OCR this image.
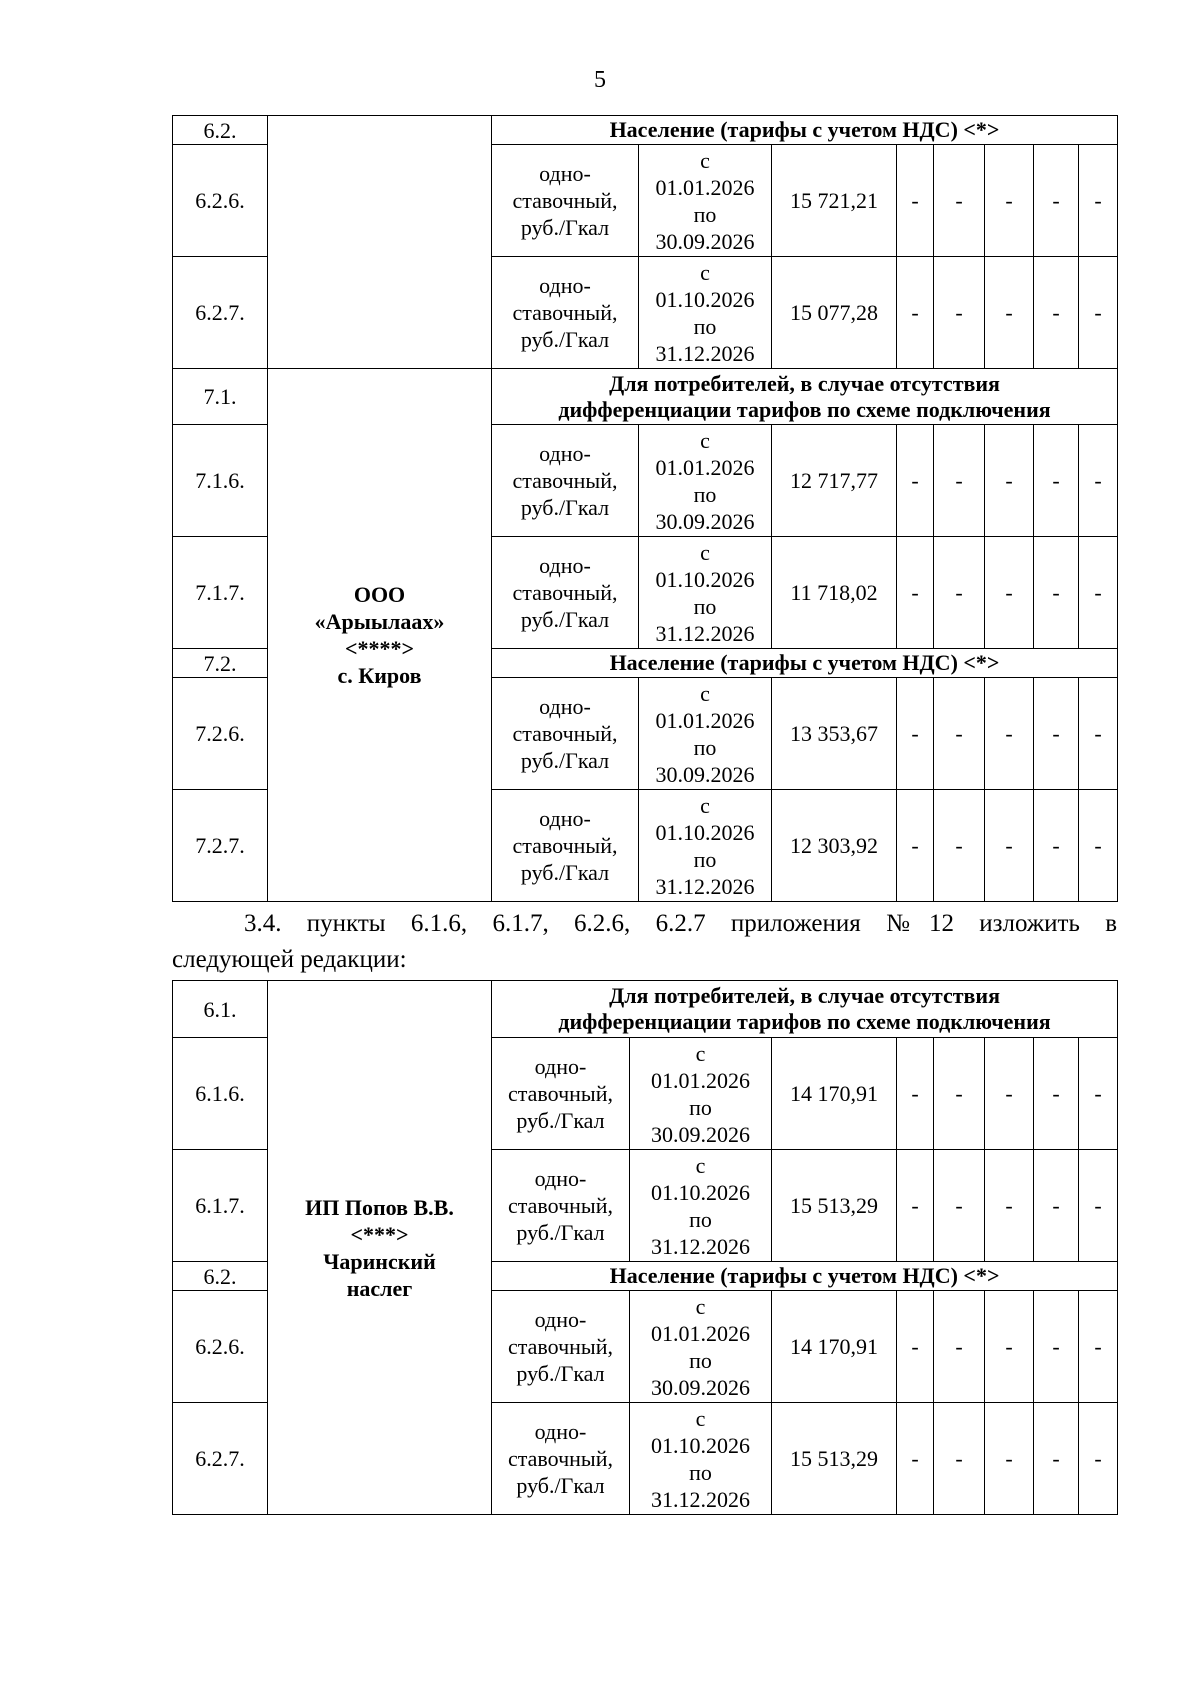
5
6.2.		Население (тарифы с учетом НДС) <*>							
6.2.6.		одно-
ставочный,
руб./Гкал	с
01.01.2026
по
30.09.2026	15 721,21	-	-	-	-	-
6.2.7.		одно-
ставочный,
руб./Гкал	с
01.10.2026
по
31.12.2026	15 077,28	-	-	-	-	-
7.1.	ООО
«Арыылаах»
<****>
с. Киров	Для потребителей, в случае отсутствия
дифференциации тарифов по схеме подключения							
7.1.6.		одно-
ставочный,
руб./Гкал	с
01.01.2026
по
30.09.2026	12 717,77	-	-	-	-	-
7.1.7.		одно-
ставочный,
руб./Гкал	с
01.10.2026
по
31.12.2026	11 718,02	-	-	-	-	-
7.2.		Население (тарифы с учетом НДС) <*>							
7.2.6.		одно-
ставочный,
руб./Гкал	с
01.01.2026
по
30.09.2026	13 353,67	-	-	-	-	-
7.2.7.		одно-
ставочный,
руб./Гкал	с
01.10.2026
по
31.12.2026	12 303,92	-	-	-	-	-
3.4. пункты 6.1.6, 6.1.7, 6.2.6, 6.2.7 приложения №12 изложить в
следующей редакции:
6.1.	ИП Попов В.В.
<***>
Чаринский
наслег	Для потребителей, в случае отсутствия
дифференциации тарифов по схеме подключения							
6.1.6.		одно-
ставочный,
руб./Гкал	с
01.01.2026
по
30.09.2026	14 170,91	-	-	-	-	-
6.1.7.		одно-
ставочный,
руб./Гкал	с
01.10.2026
по
31.12.2026	15 513,29	-	-	-	-	-
6.2.		Население (тарифы с учетом НДС) <*>							
6.2.6.		одно-
ставочный,
руб./Гкал	с
01.01.2026
по
30.09.2026	14 170,91	-	-	-	-	-
6.2.7.		одно-
ставочный,
руб./Гкал	с
01.10.2026
по
31.12.2026	15 513,29	-	-	-	-	-
